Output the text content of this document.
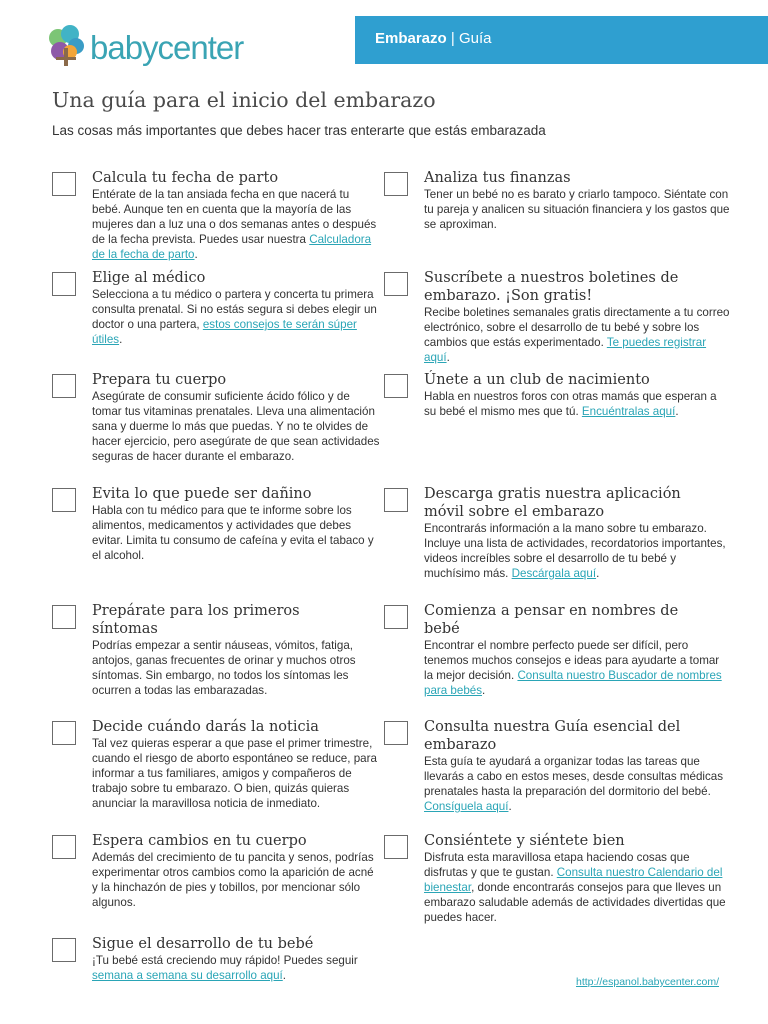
babycenter	Embarazo | Guía
Una guía para el inicio del embarazo
Las cosas más importantes que debes hacer tras enterarte que estás embarazada
Calcula tu fecha de parto
Entérate de la tan ansiada fecha en que nacerá tu bebé. Aunque ten en cuenta que la mayoría de las mujeres dan a luz una o dos semanas antes o después de la fecha prevista. Puedes usar nuestra Calculadora de la fecha de parto.
Elige al médico
Selecciona a tu médico o partera y concerta tu primera consulta prenatal. Si no estás segura si debes elegir un doctor o una partera, estos consejos te serán súper útiles.
Prepara tu cuerpo
Asegúrate de consumir suficiente ácido fólico y de tomar tus vitaminas prenatales. Lleva una alimentación sana y duerme lo más que puedas. Y no te olvides de hacer ejercicio, pero asegúrate de que sean actividades seguras de hacer durante el embarazo.
Evita lo que puede ser dañino
Habla con tu médico para que te informe sobre los alimentos, medicamentos y actividades que debes evitar. Limita tu consumo de cafeína y evita el tabaco y el alcohol.
Prepárate para los primeros síntomas
Podrías empezar a sentir náuseas, vómitos, fatiga, antojos, ganas frecuentes de orinar y muchos otros síntomas. Sin embargo, no todos los síntomas les ocurren a todas las embarazadas.
Decide cuándo darás la noticia
Tal vez quieras esperar a que pase el primer trimestre, cuando el riesgo de aborto espontáneo se reduce, para informar a tus familiares, amigos y compañeros de trabajo sobre tu embarazo. O bien, quizás quieras anunciar la maravillosa noticia de inmediato.
Espera cambios en tu cuerpo
Además del crecimiento de tu pancita y senos, podrías experimentar otros cambios como la aparición de acné y la hinchazón de pies y tobillos, por mencionar sólo algunos.
Sigue el desarrollo de tu bebé
¡Tu bebé está creciendo muy rápido! Puedes seguir semana a semana su desarrollo aquí.
Analiza tus finanzas
Tener un bebé no es barato y criarlo tampoco. Siéntate con tu pareja y analicen su situación financiera y los gastos que se aproximan.
Suscríbete a nuestros boletines de embarazo. ¡Son gratis!
Recibe boletines semanales gratis directamente a tu correo electrónico, sobre el desarrollo de tu bebé y sobre los cambios que estás experimentado. Te puedes registrar aquí.
Únete a un club de nacimiento
Habla en nuestros foros con otras mamás que esperan a su bebé el mismo mes que tú. Encuéntralas aquí.
Descarga gratis nuestra aplicación móvil sobre el embarazo
Encontrarás información a la mano sobre tu embarazo. Incluye una lista de actividades, recordatorios importantes, videos increíbles sobre el desarrollo de tu bebé y muchísimo más. Descárgala aquí.
Comienza a pensar en nombres de bebé
Encontrar el nombre perfecto puede ser difícil, pero tenemos muchos consejos e ideas para ayudarte a tomar la mejor decisión. Consulta nuestro Buscador de nombres para bebés.
Consulta nuestra Guía esencial del embarazo
Esta guía te ayudará a organizar todas las tareas que llevarás a cabo en estos meses, desde consultas médicas prenatales hasta la preparación del dormitorio del bebé. Consíguela aquí.
Consiéntete y siéntete bien
Disfruta esta maravillosa etapa haciendo cosas que disfrutas y que te gustan. Consulta nuestro Calendario del bienestar, donde encontrarás consejos para que lleves un embarazo saludable además de actividades divertidas que puedes hacer.
http://espanol.babycenter.com/
